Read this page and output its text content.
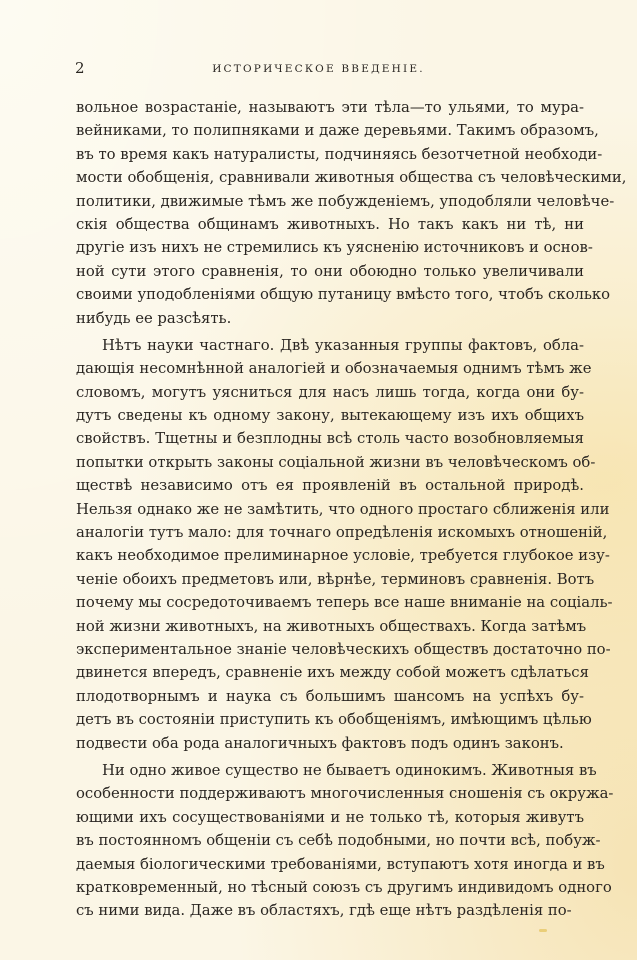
2	ИСТОРИЧЕСКОЕ ВВЕДЕНІЕ.
вольное возрастаніе, называютъ эти тѣла—то ульями, то мура-
вейниками, то полипняками и даже деревьями. Такимъ образомъ,
въ то время какъ натуралисты, подчиняясь безотчетной необходи-
мости обобщенія, сравнивали животныя общества съ человѣческими,
политики, движимые тѣмъ же побужденіемъ, уподобляли человѣче-
скія общества общинамъ животныхъ. Но такъ какъ ни тѣ, ни
другіе изъ нихъ не стремились къ уясненію источниковъ и основ-
ной сути этого сравненія, то они обоюдно только увеличивали
своими уподобленіями общую путаницу вмѣсто того, чтобъ сколько
нибудь ее разсѣять.
Нѣтъ науки частнаго. Двѣ указанныя группы фактовъ, обла-
дающія несомнѣнной аналогіей и обозначаемыя однимъ тѣмъ же
словомъ, могутъ уясниться для насъ лишь тогда, когда они бу-
дутъ сведены къ одному закону, вытекающему изъ ихъ общихъ
свойствъ. Тщетны и безплодны всѣ столь часто возобновляемыя
попытки открыть законы соціальной жизни въ человѣческомъ об-
ществѣ независимо отъ ея проявленій въ остальной природѣ.
Нельзя однако же не замѣтить, что одного простаго сближенія или
аналогіи тутъ мало: для точнаго опредѣленія искомыхъ отношеній,
какъ необходимое прелиминарное условіе, требуется глубокое изу-
ченіе обоихъ предметовъ или, вѣрнѣе, терминовъ сравненія. Вотъ
почему мы сосредоточиваемъ теперь все наше вниманіе на соціаль-
ной жизни животныхъ, на животныхъ обществахъ. Когда затѣмъ
экспериментальное знаніе человѣческихъ обществъ достаточно по-
двинется впередъ, сравненіе ихъ между собой можетъ сдѣлаться
плодотворнымъ и наука съ большимъ шансомъ на успѣхъ бу-
детъ въ состояніи приступить къ обобщеніямъ, имѣющимъ цѣлью
подвести оба рода аналогичныхъ фактовъ подъ одинъ законъ.
Ни одно живое существо не бываетъ одинокимъ. Животныя въ
особенности поддерживаютъ многочисленныя сношенія съ окружа-
ющими ихъ сосуществованіями и не только тѣ, которыя живутъ
въ постоянномъ общеніи съ себѣ подобными, но почти всѣ, побуж-
даемыя біологическими требованіями, вступаютъ хотя иногда и въ
кратковременный, но тѣсный союзъ съ другимъ индивидомъ одного
съ ними вида. Даже въ областяхъ, гдѣ еще нѣтъ раздѣленія по-
